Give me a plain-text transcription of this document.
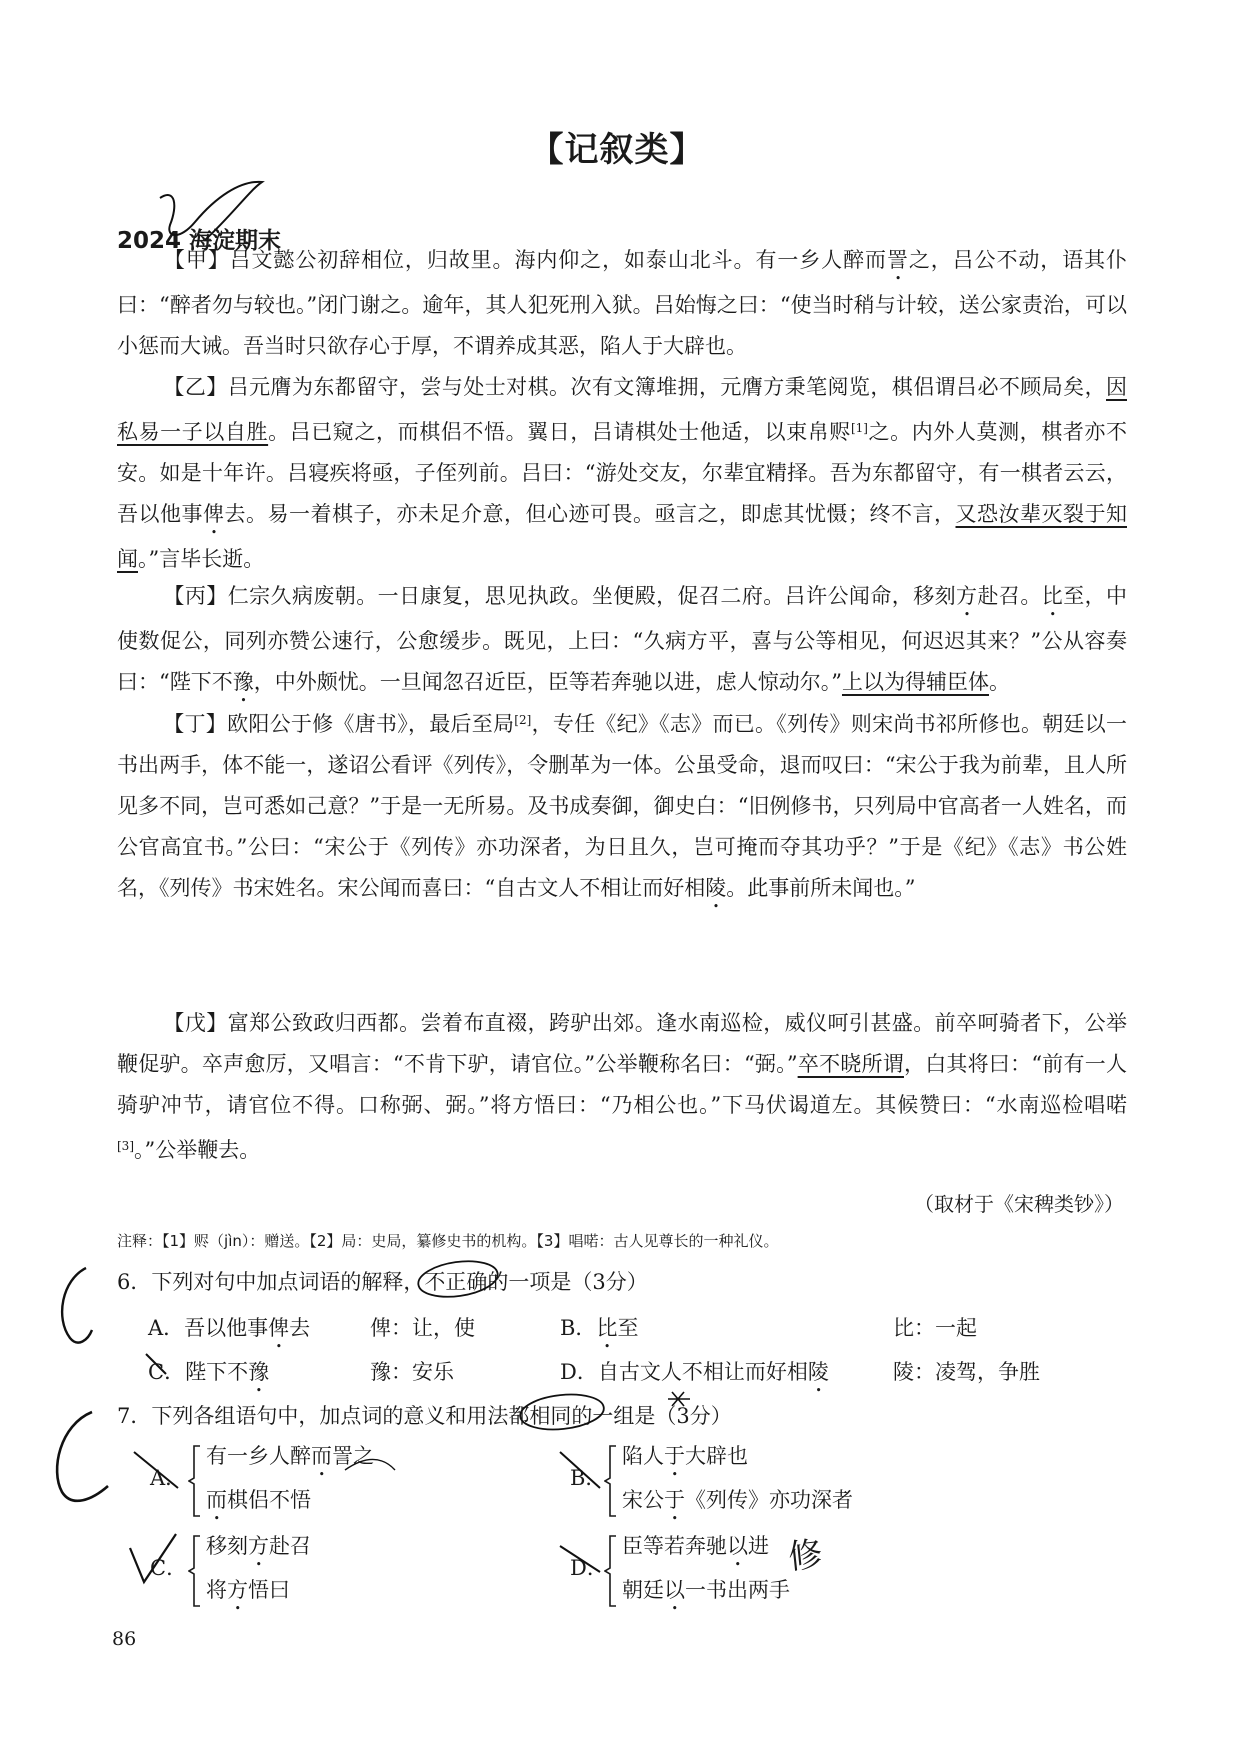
【记叙类】
2024 海淀期末

【甲】吕文懿公初辞相位，归故里。海内仰之，如泰山北斗。有一乡人醉而詈之，吕公不动，语其仆曰：“醉者勿与较也。”闭门谢之。逾年，其人犯死刑入狱。吕始悔之曰：“使当时稍与计较，送公家责治，可以小惩而大诫。吾当时只欲存心于厚，不谓养成其恶，陷人于大辟也。

【乙】吕元膺为东都留守，尝与处士对棋。次有文簿堆拥，元膺方秉笔阅览，棋侣谓吕必不顾局矣，因私易一子以自胜。吕已窥之，而棋侣不悟。翼日，吕请棋处士他适，以束帛赆[1]之。内外人莫测，棋者亦不安。如是十年许。吕寝疾将亟，子侄列前。吕曰：“游处交友，尔辈宜精择。吾为东都留守，有一棋者云云，吾以他事俾去。易一着棋子，亦未足介意，但心迹可畏。亟言之，即虑其忧慑；终不言，又恐汝辈灭裂于知闻。”言毕长逝。

【丙】仁宗久病废朝。一日康复，思见执政。坐便殿，促召二府。吕许公闻命，移刻方赴召。比至，中使数促公，同列亦赞公速行，公愈缓步。既见，上曰：“久病方平，喜与公等相见，何迟迟其来？”公从容奏曰：“陛下不豫，中外颇忧。一旦闻忽召近臣，臣等若奔驰以进，虑人惊动尔。”上以为得辅臣体。

【丁】欧阳公于修《唐书》，最后至局[2]，专任《纪》《志》而已。《列传》则宋尚书祁所修也。朝廷以一书出两手，体不能一，遂诏公看评《列传》，令删革为一体。公虽受命，退而叹曰：“宋公于我为前辈，且人所见多不同，岂可悉如己意？”于是一无所易。及书成奏御，御史白：“旧例修书，只列局中官高者一人姓名，而公官高宜书。”公曰：“宋公于《列传》亦功深者，为日且久，岂可掩而夺其功乎？”于是《纪》《志》书公姓名，《列传》书宋姓名。宋公闻而喜曰：“自古文人不相让而好相陵。此事前所未闻也。”

【戊】富郑公致政归西都。尝着布直裰，跨驴出郊。逢水南巡检，威仪呵引甚盛。前卒呵骑者下，公举鞭促驴。卒声愈厉，又唱言：“不肯下驴，请官位。”公举鞭称名曰：“弼。”卒不晓所谓，白其将曰：“前有一人骑驴冲节，请官位不得。口称弼、弼。”将方悟曰：“乃相公也。”下马伏谒道左。其候赞曰：“水南巡检唱喏[3]。”公举鞭去。

（取材于《宋稗类钞》）
注释：【1】赆（jìn）：赠送。【2】局：史局，纂修史书的机构。【3】唱喏：古人见尊长的一种礼仪。
6．下列对句中加点词语的解释，不正确的一项是（3分）
A．吾以他事俾去	俾：让，使	B．比至	比：一起
C．陛下不豫	豫：安乐	D．自古文人不相让而好相陵	陵：凌驾，争胜
7．下列各组语句中，加点词的意义和用法都相同的一组是（3分）
A．
有一乡人醉而詈之
而棋侣不悟
B．
陷人于大辟也
宋公于《列传》亦功深者
C．
移刻方赴召
将方悟曰
D．
臣等若奔驰以进
朝廷以一书出两手
86
修
